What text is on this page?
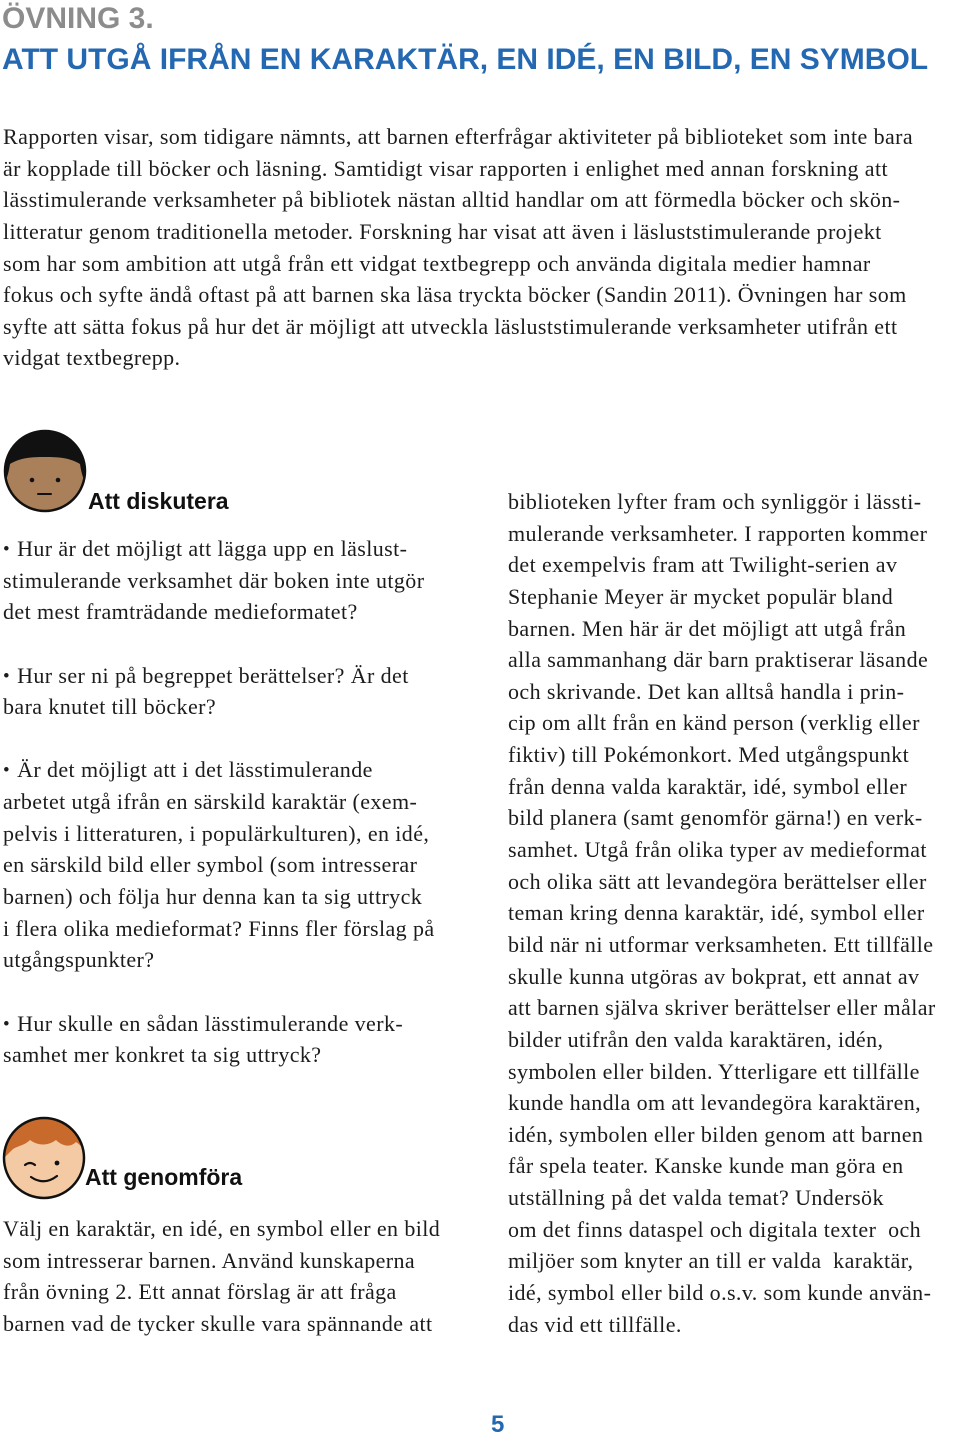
ÖVNING 3.
ATT UTGÅ IFRÅN EN KARAKTÄR, EN IDÉ, EN BILD, EN SYMBOL
Rapporten visar, som tidigare nämnts, att barnen efterfrågar aktiviteter på biblioteket som inte bara
är kopplade till böcker och läsning. Samtidigt visar rapporten i enlighet med annan forskning att
lässtimulerande verksamheter på bibliotek nästan alltid handlar om att förmedla böcker och skön-
litteratur genom traditionella metoder. Forskning har visat att även i läsluststimulerande projekt
som har som ambition att utgå från ett vidgat textbegrepp och använda digitala medier hamnar
fokus och syfte ändå oftast på att barnen ska läsa tryckta böcker (Sandin 2011). Övningen har som
syfte att sätta fokus på hur det är möjligt att utveckla läsluststimulerande verksamheter utifrån ett
vidgat textbegrepp.
Att diskutera
• Hur är det möjligt att lägga upp en läslust-
stimulerande verksamhet där boken inte utgör
det mest framträdande medieformatet?
• Hur ser ni på begreppet berättelser? Är det
bara knutet till böcker?
• Är det möjligt att i det lässtimulerande
arbetet utgå ifrån en särskild karaktär (exem-
pelvis i litteraturen, i populärkulturen), en idé,
en särskild bild eller symbol (som intresserar
barnen) och följa hur denna kan ta sig uttryck
i flera olika medieformat? Finns fler förslag på
utgångspunkter?
• Hur skulle en sådan lässtimulerande verk-
samhet mer konkret ta sig uttryck?
Att genomföra
Välj en karaktär, en idé, en symbol eller en bild
som intresserar barnen. Använd kunskaperna
från övning 2. Ett annat förslag är att fråga
barnen vad de tycker skulle vara spännande att
biblioteken lyfter fram och synliggör i lässti-
mulerande verksamheter. I rapporten kommer
det exempelvis fram att Twilight-serien av
Stephanie Meyer är mycket populär bland
barnen. Men här är det möjligt att utgå från
alla sammanhang där barn praktiserar läsande
och skrivande. Det kan alltså handla i prin-
cip om allt från en känd person (verklig eller
fiktiv) till Pokémonkort. Med utgångspunkt
från denna valda karaktär, idé, symbol eller
bild planera (samt genomför gärna!) en verk-
samhet. Utgå från olika typer av medieformat
och olika sätt att levandegöra berättelser eller
teman kring denna karaktär, idé, symbol eller
bild när ni utformar verksamheten. Ett tillfälle
skulle kunna utgöras av bokprat, ett annat av
att barnen själva skriver berättelser eller målar
bilder utifrån den valda karaktären, idén,
symbolen eller bilden. Ytterligare ett tillfälle
kunde handla om att levandegöra karaktären,
idén, symbolen eller bilden genom att barnen
får spela teater. Kanske kunde man göra en
utställning på det valda temat? Undersök
om det finns dataspel och digitala texter  och
miljöer som knyter an till er valda  karaktär,
idé, symbol eller bild o.s.v. som kunde använ-
das vid ett tillfälle.
5
